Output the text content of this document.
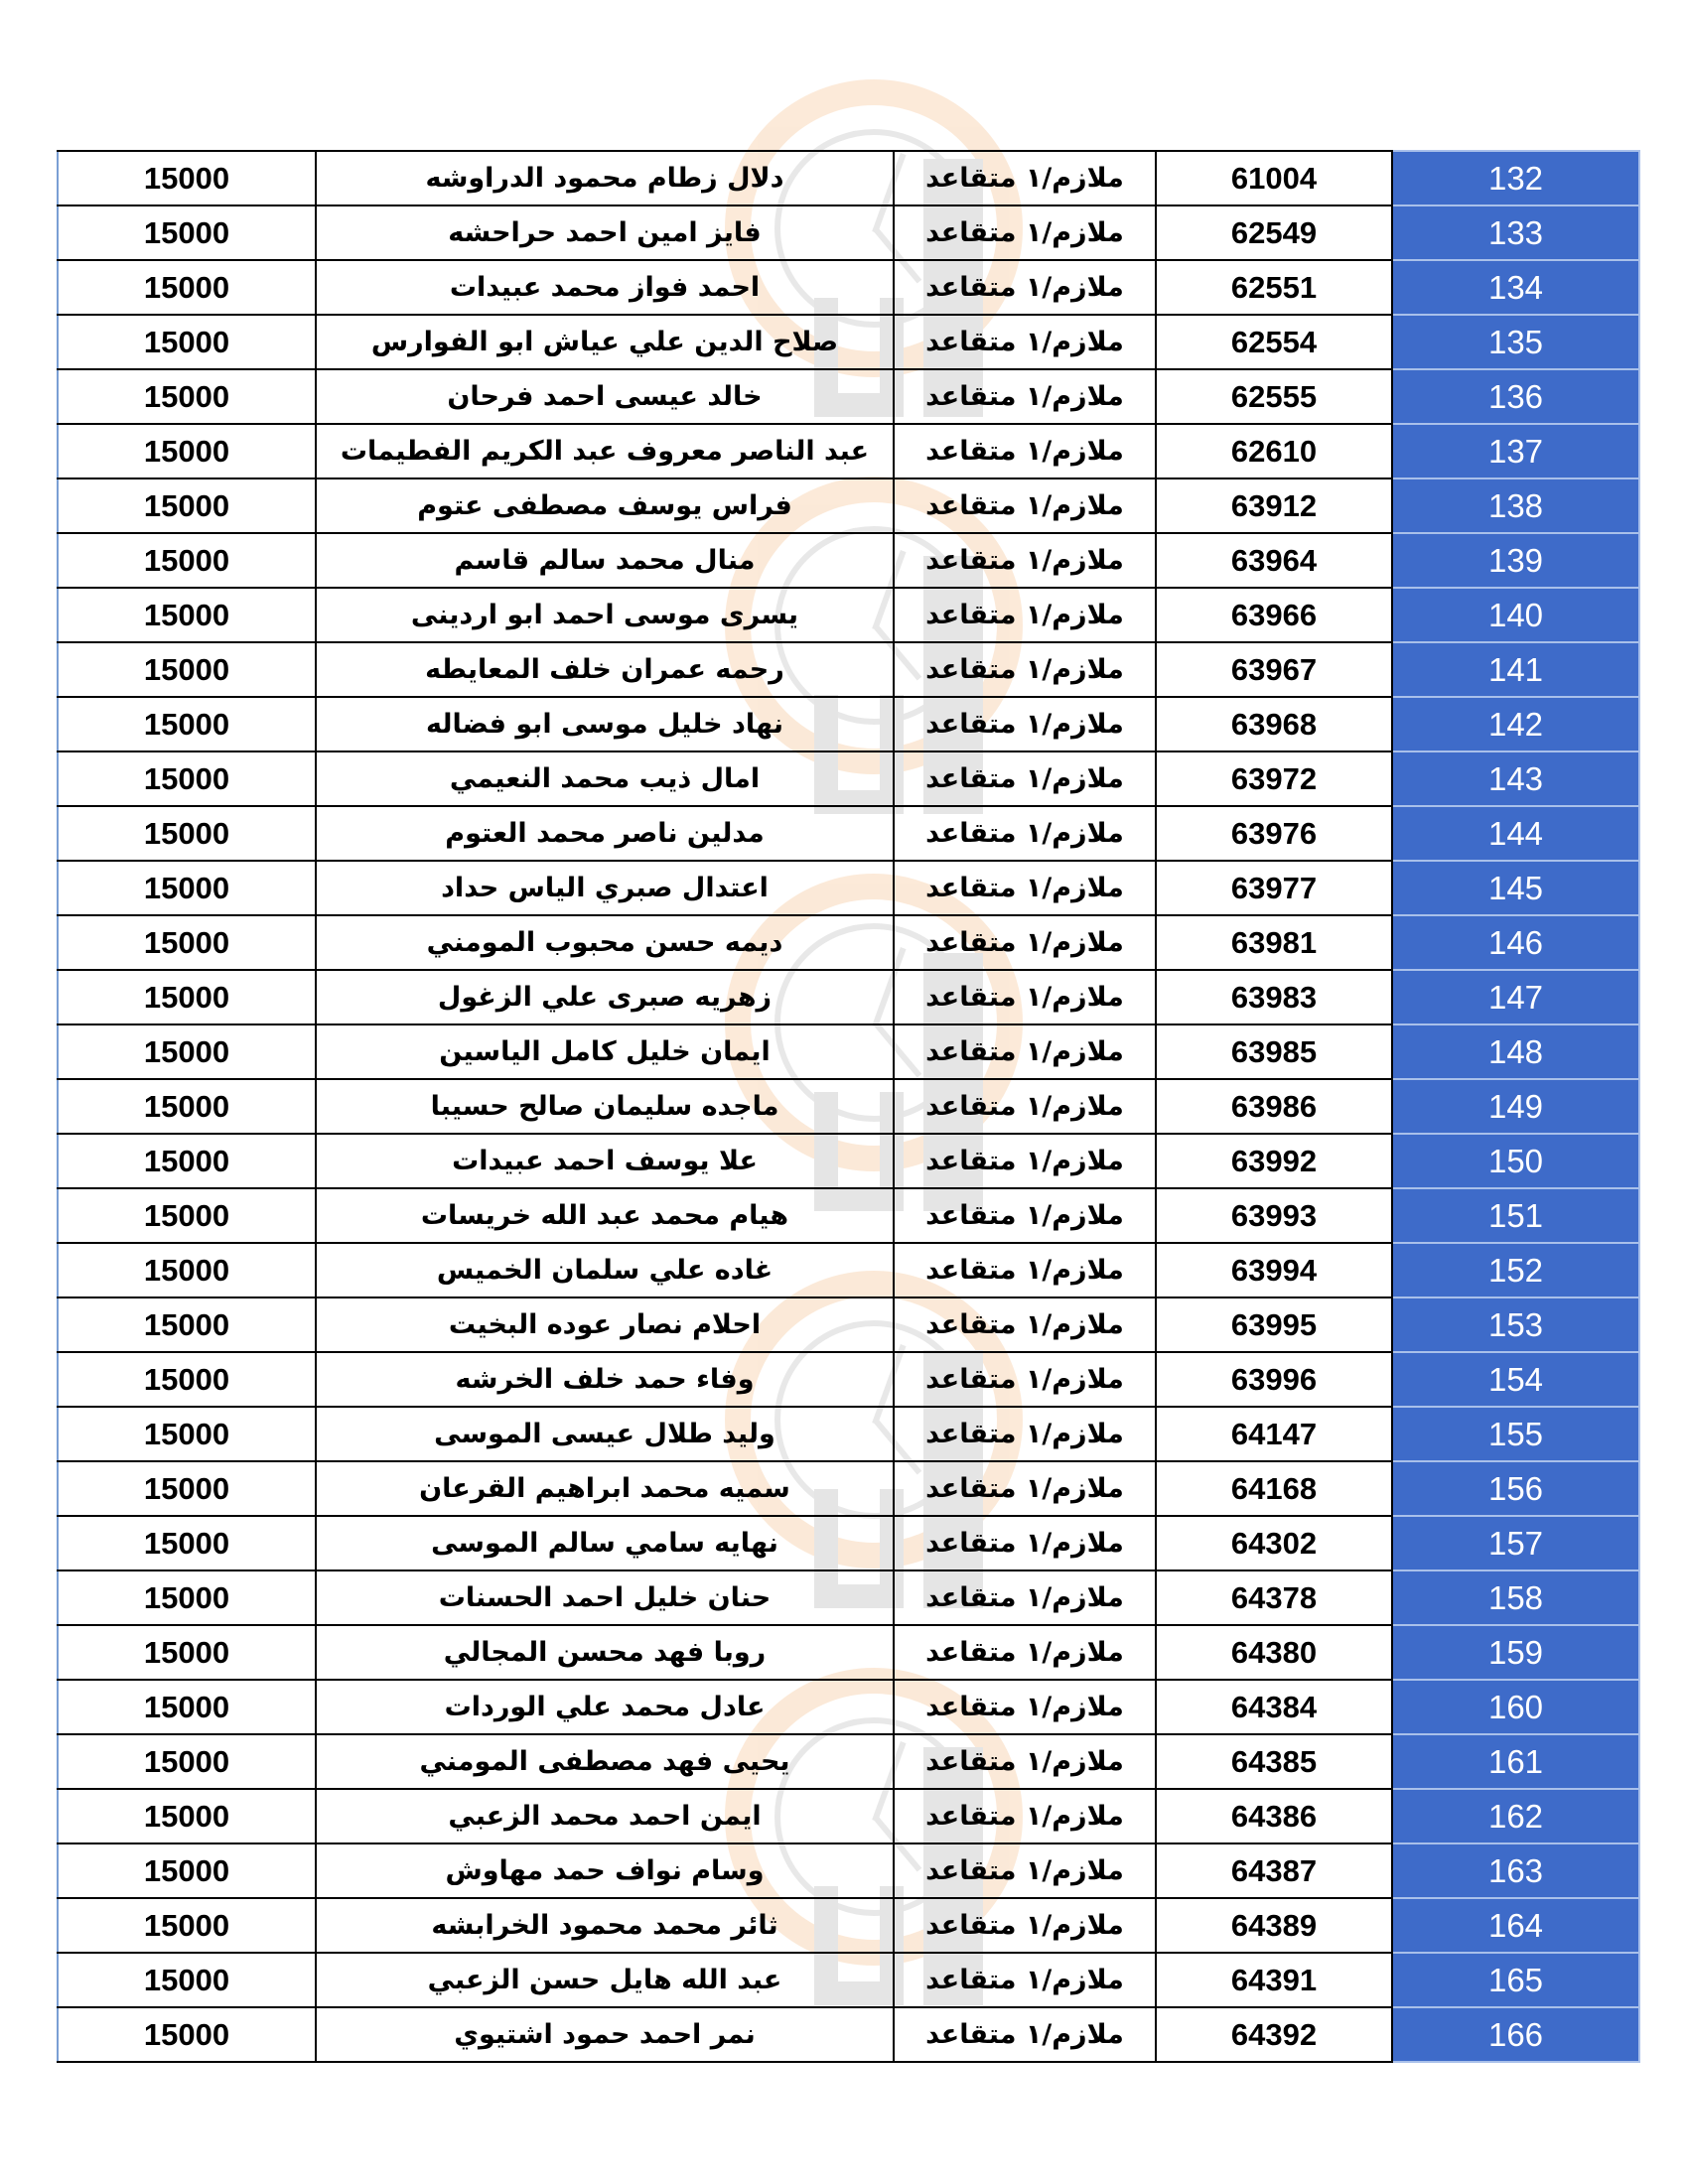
15000	دلال زطام محمود الدراوشه	ملازم/١ متقاعد	61004	132
15000	فايز امين احمد حراحشه	ملازم/١ متقاعد	62549	133
15000	احمد فواز محمد عبيدات	ملازم/١ متقاعد	62551	134
15000	صلاح الدين علي عياش ابو الفوارس	ملازم/١ متقاعد	62554	135
15000	خالد عيسى احمد فرحان	ملازم/١ متقاعد	62555	136
15000	عبد الناصر معروف عبد الكريم الفطيمات	ملازم/١ متقاعد	62610	137
15000	فراس يوسف مصطفى عتوم	ملازم/١ متقاعد	63912	138
15000	منال محمد سالم قاسم	ملازم/١ متقاعد	63964	139
15000	يسرى موسى احمد ابو اردينى	ملازم/١ متقاعد	63966	140
15000	رحمه عمران خلف المعايطه	ملازم/١ متقاعد	63967	141
15000	نهاد خليل موسى ابو فضاله	ملازم/١ متقاعد	63968	142
15000	امال ذيب محمد النعيمي	ملازم/١ متقاعد	63972	143
15000	مدلين ناصر محمد العتوم	ملازم/١ متقاعد	63976	144
15000	اعتدال صبري الياس حداد	ملازم/١ متقاعد	63977	145
15000	ديمه حسن محبوب المومني	ملازم/١ متقاعد	63981	146
15000	زهريه صبرى علي الزغول	ملازم/١ متقاعد	63983	147
15000	ايمان خليل كامل الياسين	ملازم/١ متقاعد	63985	148
15000	ماجده سليمان صالح حسيبا	ملازم/١ متقاعد	63986	149
15000	علا يوسف احمد عبيدات	ملازم/١ متقاعد	63992	150
15000	هيام محمد عبد الله خريسات	ملازم/١ متقاعد	63993	151
15000	غاده علي سلمان الخميس	ملازم/١ متقاعد	63994	152
15000	احلام نصار عوده البخيت	ملازم/١ متقاعد	63995	153
15000	وفاء حمد خلف الخرشه	ملازم/١ متقاعد	63996	154
15000	وليد طلال عيسى الموسى	ملازم/١ متقاعد	64147	155
15000	سميه محمد ابراهيم القرعان	ملازم/١ متقاعد	64168	156
15000	نهايه سامي سالم الموسى	ملازم/١ متقاعد	64302	157
15000	حنان خليل احمد الحسنات	ملازم/١ متقاعد	64378	158
15000	روبا فهد محسن المجالي	ملازم/١ متقاعد	64380	159
15000	عادل محمد علي الوردات	ملازم/١ متقاعد	64384	160
15000	يحيى فهد مصطفى المومني	ملازم/١ متقاعد	64385	161
15000	ايمن احمد محمد الزعبي	ملازم/١ متقاعد	64386	162
15000	وسام نواف حمد مهاوش	ملازم/١ متقاعد	64387	163
15000	ثائر محمد محمود الخرابشه	ملازم/١ متقاعد	64389	164
15000	عبد الله هايل حسن الزعبي	ملازم/١ متقاعد	64391	165
15000	نمر احمد حمود اشتيوي	ملازم/١ متقاعد	64392	166
